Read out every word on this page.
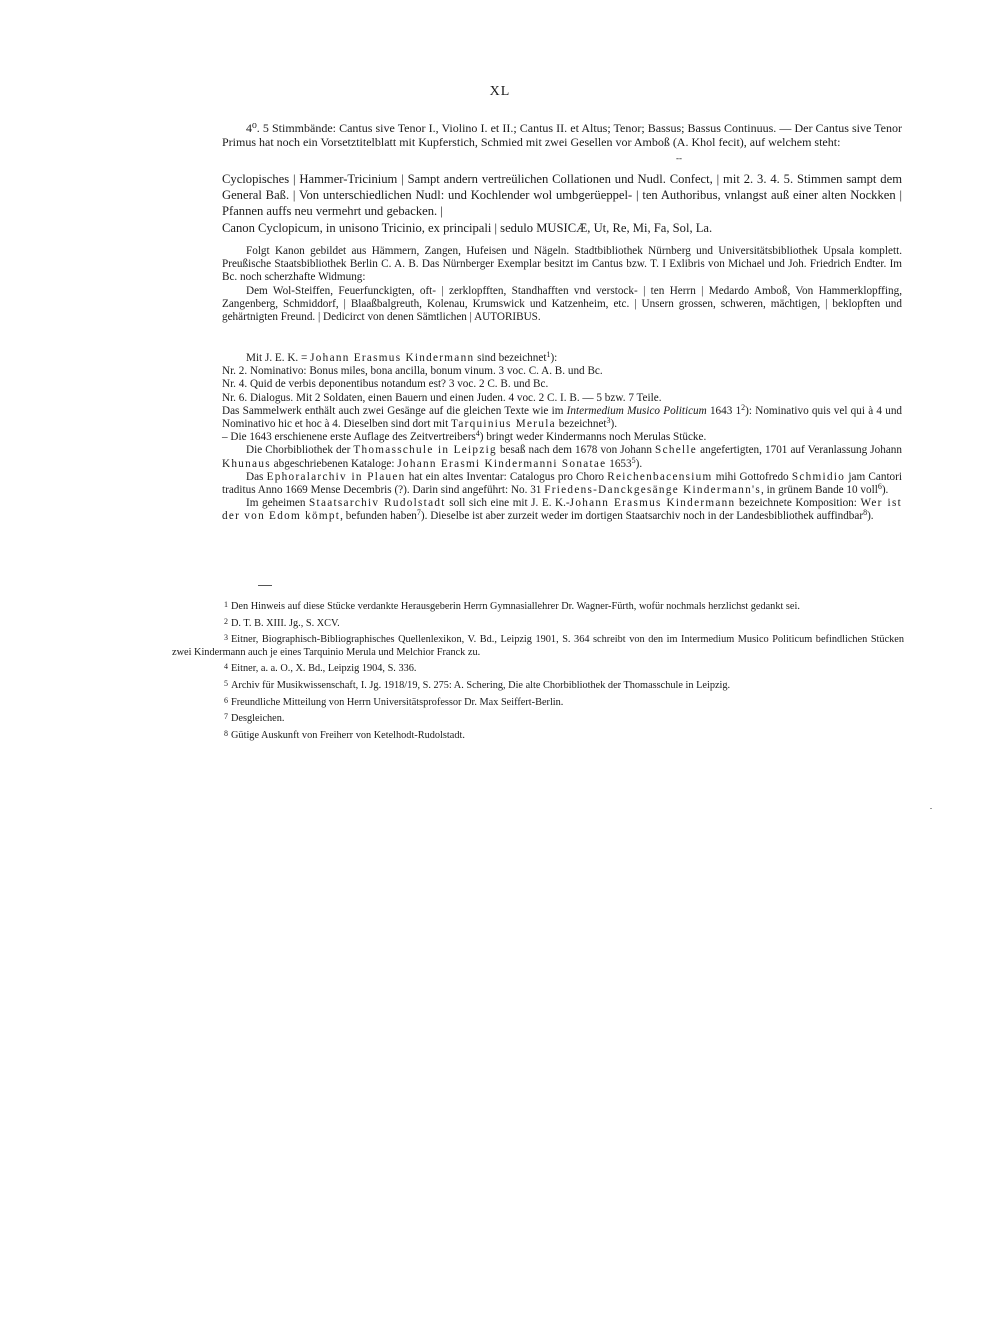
XL

4⁰. 5 Stimmbände: Cantus sive Tenor I., Violino I. et II.; Cantus II. et Altus; Tenor; Bassus; Bassus Continuus. — Der Cantus sive Tenor Primus hat noch ein Vorsetztitelblatt mit Kupferstich, Schmied mit zwei Gesellen vor Amboß (A. Khol fecit), auf welchem steht:

‐‑

Cyclopisches | Hammer-Tricinium | Sampt andern vertreülichen Collationen und Nudl. Confect, | mit 2. 3. 4. 5. Stimmen sampt dem General Baß. | Von unterschiedlichen Nudl: und Kochlender wol umbgerüeppel- | ten Authoribus, vnlangst auß einer alten Nockken | Pfannen auffs neu vermehrt und gebacken. |

Canon Cyclopicum, in unisono Tricinio, ex principali | sedulo MUSICÆ, Ut, Re, Mi, Fa, Sol, La.

Folgt Kanon gebildet aus Hämmern, Zangen, Hufeisen und Nägeln. Stadtbibliothek Nürnberg und Universitätsbibliothek Upsala komplett. Preußische Staatsbibliothek Berlin C. A. B. Das Nürnberger Exemplar besitzt im Cantus bzw. T. I Exlibris von Michael und Joh. Friedrich Endter. Im Bc. noch scherzhafte Widmung:

Dem Wol-Steiffen, Feuerfunckigten, oft- | zerklopfften, Standhafften vnd verstock- | ten Herrn | Medardo Amboß, Von Hammerklopffing, Zangenberg, Schmiddorf, | Blaaßbalgreuth, Kolenau, Krumswick und Katzenheim, etc. | Unsern grossen, schweren, mächtigen, | beklopften und gehärtnigten Freund. | Dedicirct von denen Sämtlichen | AUTORIBUS.

Mit J. E. K. = Johann Erasmus Kindermann sind bezeichnet$^1$):

Nr. 2. Nominativo: Bonus miles, bona ancilla, bonum vinum. 3 voc. C. A. B. und Bc.

Nr. 4. Quid de verbis deponentibus notandum est? 3 voc. 2 C. B. und Bc.

Nr. 6. Dialogus. Mit 2 Soldaten, einen Bauern und einen Juden. 4 voc. 2 C. I. B. — 5 bzw. 7 Teile.

Das Sammelwerk enthält auch zwei Gesänge auf die gleichen Texte wie im Intermedium Musico Politicum 1643 $1^2$): Nominativo quis vel qui à 4 und Nominativo hic et hoc à 4. Dieselben sind dort mit Tarquinius Merula bezeichnet$^3$).

– Die 1643 erschienene erste Auflage des Zeitvertreibers$^4$) bringt weder Kindermanns noch Merulas Stücke.

Die Chorbibliothek der Thomasschule in Leipzig besaß nach dem 1678 von Johann Schelle angefertigten, 1701 auf Veranlassung Johann Khunaus abgeschriebenen Kataloge: Johann Erasmi Kindermanni Sonatae 1653$^5$).

Das Ephoralarchiv in Plauen hat ein altes Inventar: Catalogus pro Choro Reichenbacensium mihi Gottofredo Schmidio jam Cantori traditus Anno 1669 Mense Decembris (?). Darin sind angeführt: No. 31 Friedens-Danckgesänge Kindermann's, in grünem Bande 10 voll$^6$).

Im geheimen Staatsarchiv Rudolstadt soll sich eine mit J. E. K.-Johann Erasmus Kindermann bezeichnete Komposition: Wer ist der von Edom kömpt, befunden haben$^7$). Dieselbe ist aber zurzeit weder im dortigen Staatsarchiv noch in der Landesbibliothek auffindbar$^8$).

1 Den Hinweis auf diese Stücke verdankte Herausgeberin Herrn Gymnasiallehrer Dr. Wagner-Fürth, wofür nochmals herzlichst gedankt sei.

2 D. T. B. XIII. Jg., S. XCV.

3 Eitner, Biographisch-Bibliographisches Quellenlexikon, V. Bd., Leipzig 1901, S. 364 schreibt von den im Intermedium Musico Politicum befindlichen Stücken zwei Kindermann auch je eines Tarquinio Merula und Melchior Franck zu.

4 Eitner, a. a. O., X. Bd., Leipzig 1904, S. 336.

5 Archiv für Musikwissenschaft, I. Jg. 1918/19, S. 275: A. Schering, Die alte Chorbibliothek der Thomasschule in Leipzig.

6 Freundliche Mitteilung von Herrn Universitätsprofessor Dr. Max Seiffert-Berlin.

7 Desgleichen.

8 Gütige Auskunft von Freiherr von Ketelhodt-Rudolstadt.
